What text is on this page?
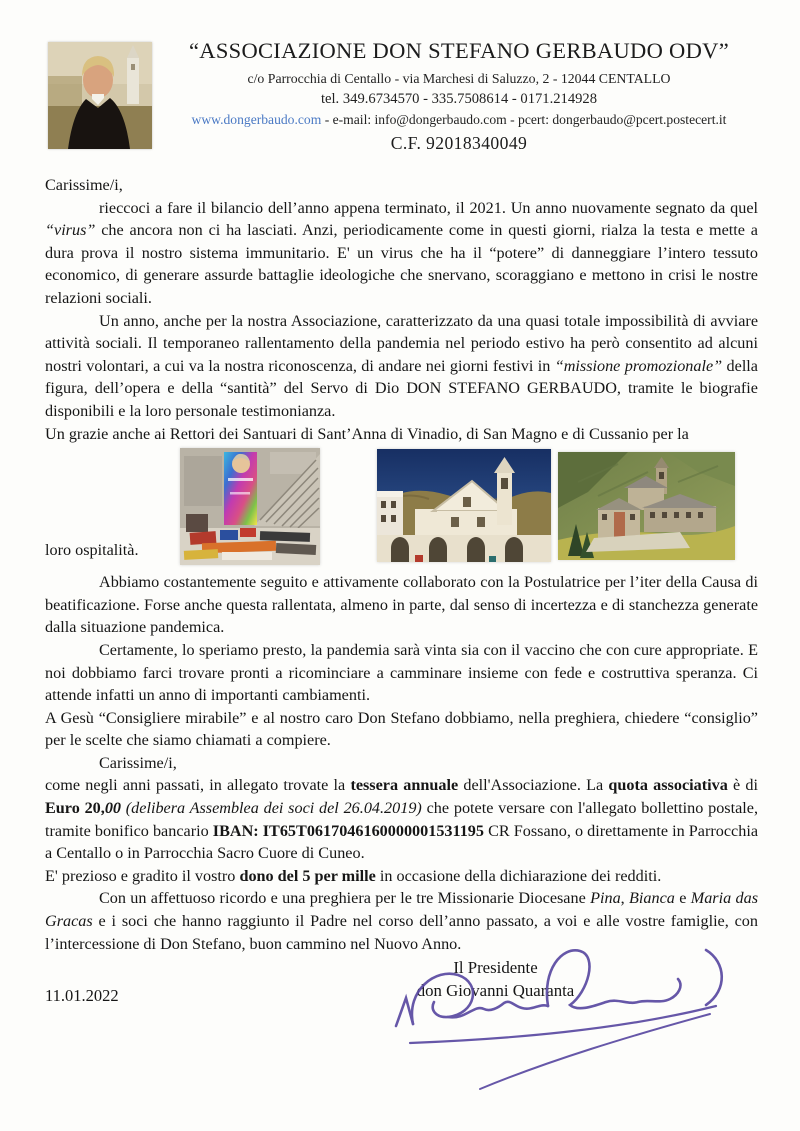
“ASSOCIAZIONE DON STEFANO GERBAUDO ODV”
c/o Parrocchia di Centallo - via Marchesi di Saluzzo, 2 - 12044 CENTALLO
tel. 349.6734570 - 335.7508614 - 0171.214928
www.dongerbaudo.com - e-mail: info@dongerbaudo.com - pcert: dongerbaudo@pcert.postecert.it
C.F. 92018340049

Carissime/i,

rieccoci a fare il bilancio dell’anno appena terminato, il 2021. Un anno nuovamente segnato da quel “virus” che ancora non ci ha lasciati. Anzi, periodicamente come in questi giorni, rialza la testa e mette a dura prova il nostro sistema immunitario. E' un virus che ha il “potere” di danneggiare l’intero tessuto economico, di generare assurde battaglie ideologiche che snervano, scoraggiano e mettono in crisi le nostre relazioni sociali.

Un anno, anche per la nostra Associazione, caratterizzato da una quasi totale impossibilità di avviare attività sociali. Il temporaneo rallentamento della pandemia nel periodo estivo ha però consentito ad alcuni nostri volontari, a cui va la nostra riconoscenza, di andare nei giorni festivi in “missione promozionale” della figura, dell’opera e della “santità” del Servo di Dio DON STEFANO GERBAUDO, tramite le biografie disponibili e la loro personale testimonianza.

Un grazie anche ai Rettori dei Santuari di Sant’Anna di Vinadio, di San Magno e di Cussanio per la

loro ospitalità.

Abbiamo costantemente seguito e attivamente collaborato con la Postulatrice per l’iter della Causa di beatificazione. Forse anche questa rallentata, almeno in parte, dal senso di incertezza e di stanchezza generate dalla situazione pandemica.

Certamente, lo speriamo presto, la pandemia sarà vinta sia con il vaccino che con cure appropriate. E noi dobbiamo farci trovare pronti a ricominciare a camminare insieme con fede e costruttiva speranza. Ci attende infatti un anno di importanti cambiamenti.

A Gesù “Consigliere mirabile” e al nostro caro Don Stefano dobbiamo, nella preghiera, chiedere “consiglio” per le scelte che siamo chiamati a compiere.

Carissime/i,

come negli anni passati, in allegato trovate la tessera annuale dell'Associazione. La quota associativa è di Euro 20,00 (delibera Assemblea dei soci del 26.04.2019) che potete versare con l'allegato bollettino postale, tramite bonifico bancario IBAN: IT65T0617046160000001531195 CR Fossano, o direttamente in Parrocchia a Centallo o in Parrocchia Sacro Cuore di Cuneo.

E' prezioso e gradito il vostro dono del 5 per mille in occasione della dichiarazione dei redditi.

Con un affettuoso ricordo e una preghiera per le tre Missionarie Diocesane Pina, Bianca e Maria das Gracas e i soci che hanno raggiunto il Padre nel corso dell’anno passato, a voi e alle vostre famiglie, con l’intercessione di Don Stefano, buon cammino nel Nuovo Anno.

11.01.2022
Il Presidente
don Giovanni Quaranta
